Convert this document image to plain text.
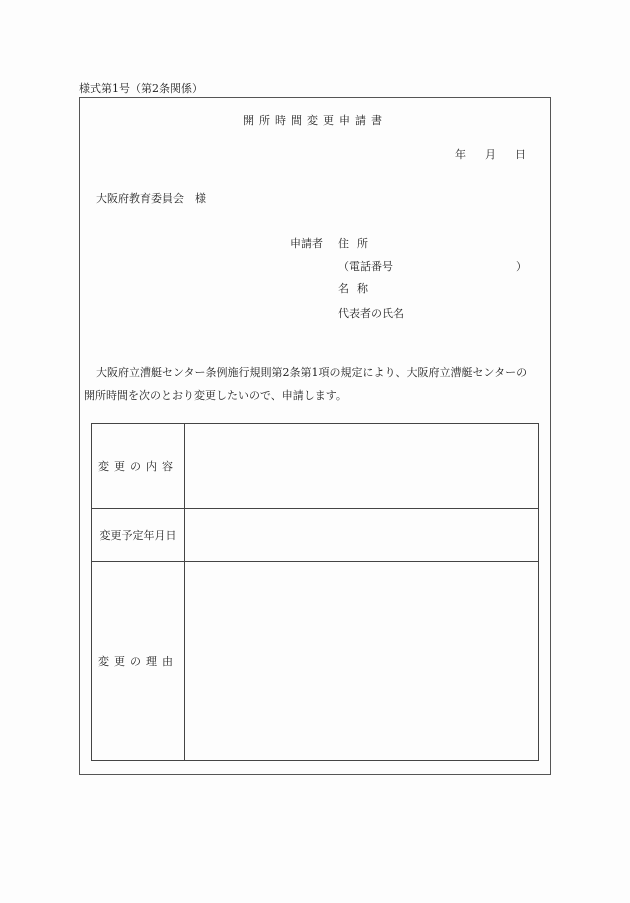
様式第1号（第2条関係）
開所時間変更申請書
年 月 日
大阪府教育委員会　様
申請者 住所
（電話番号	）
名称
代表者の氏名
大阪府立漕艇センター条例施行規則第2条第1項の規定により、大阪府立漕艇センターの
開所時間を次のとおり変更したいので、申請します。
変更の内容	
変更予定年月日	
変更の理由	
